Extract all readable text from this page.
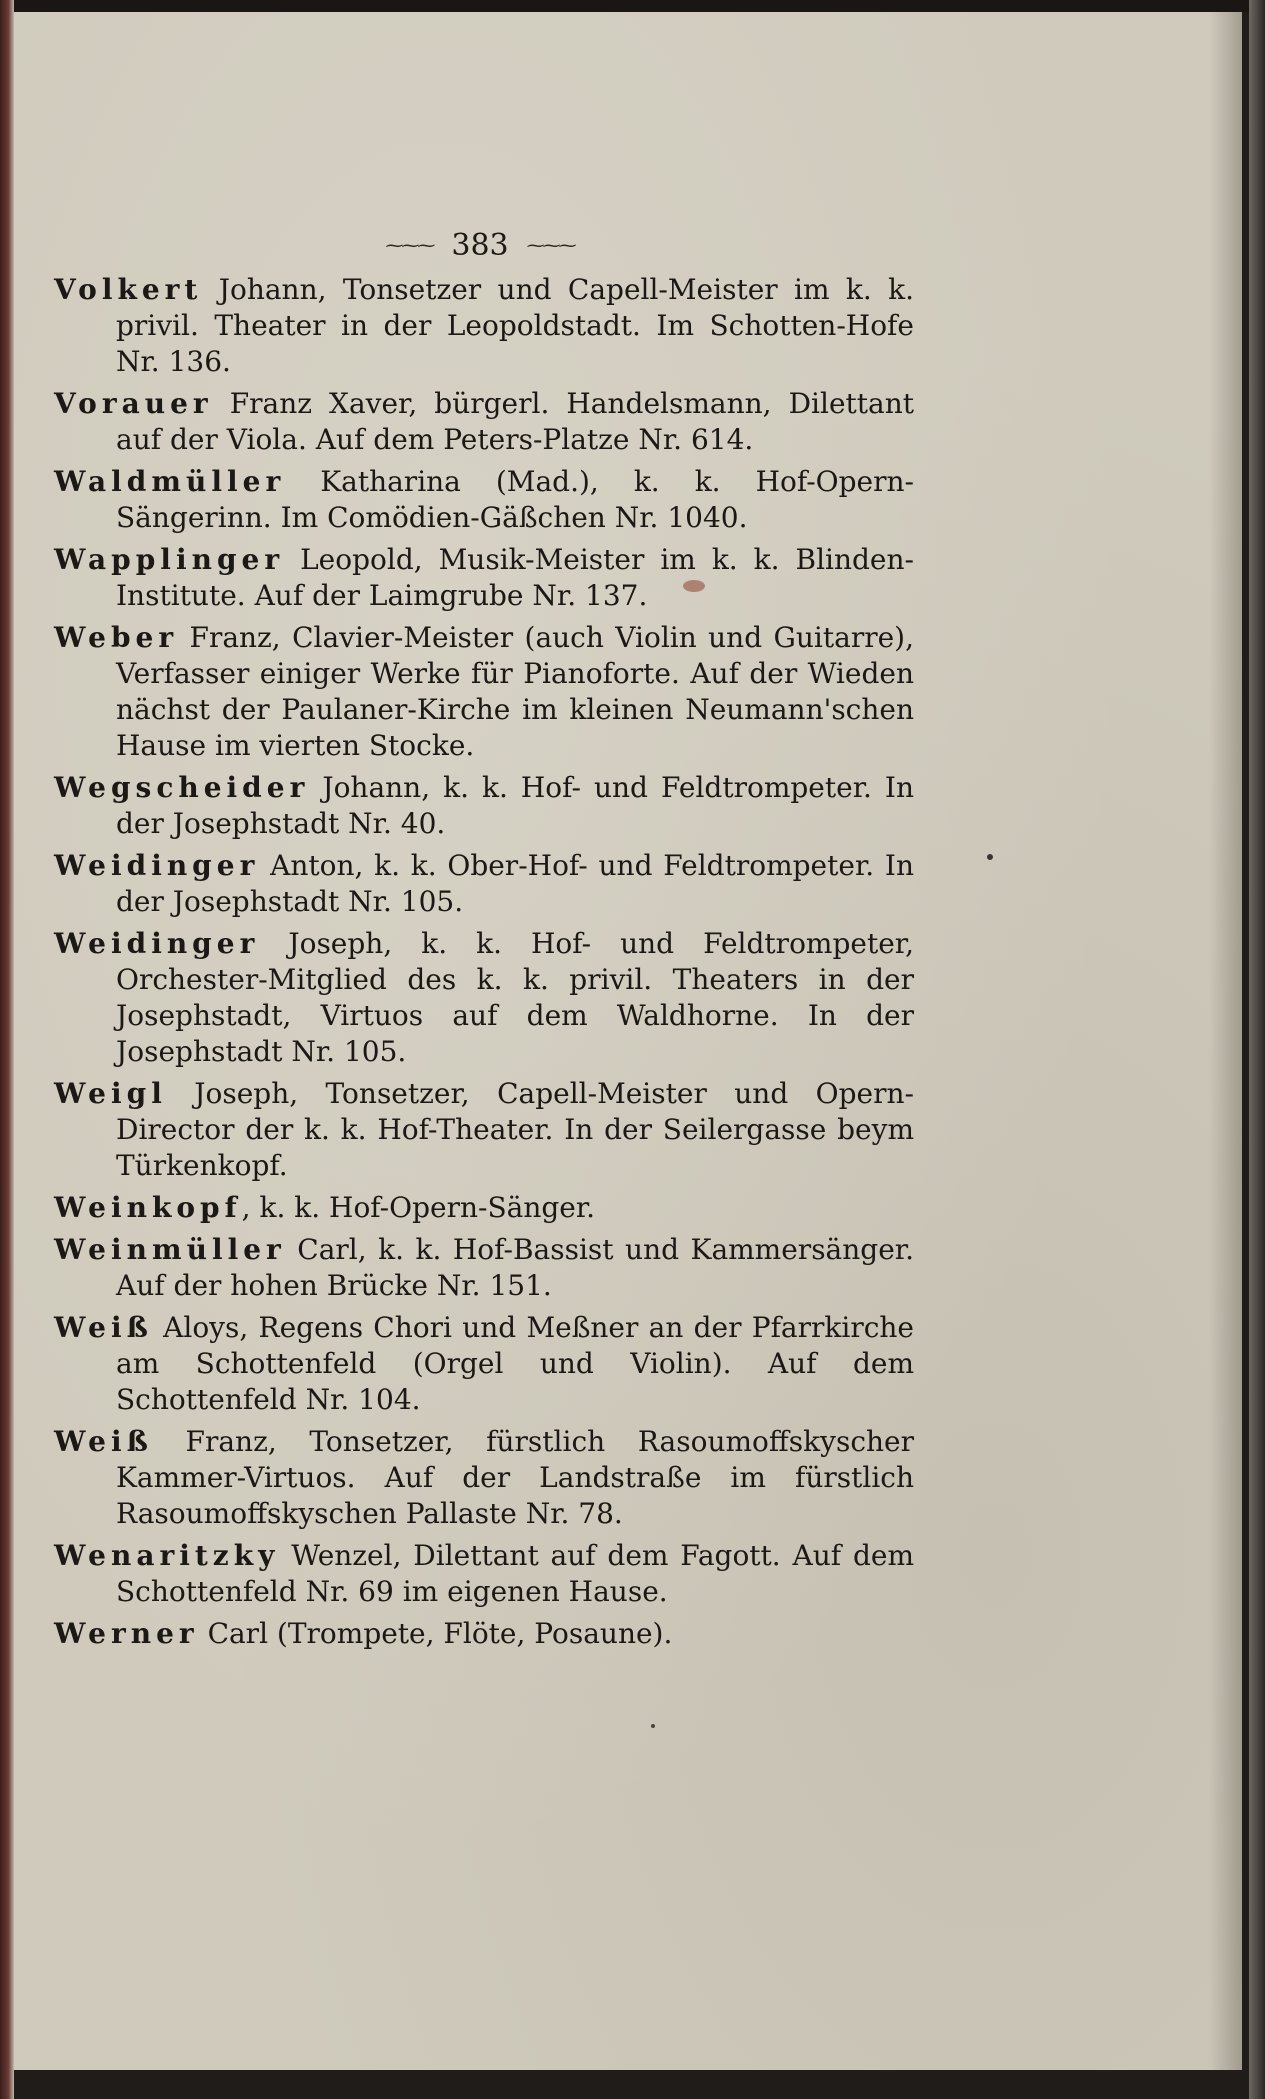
⁓⁓⁓ 383 ⁓⁓⁓

Volkert Johann, Tonsetzer und Capell-Meister im k. k. privil. Theater in der Leopoldstadt. Im Schotten-Hofe Nr. 136.

Vorauer Franz Xaver, bürgerl. Handelsmann, Dilettant auf der Viola. Auf dem Peters-Platze Nr. 614.

Waldmüller Katharina (Mad.), k. k. Hof-Opern-Sängerinn. Im Comödien-Gäßchen Nr. 1040.

Wapplinger Leopold, Musik-Meister im k. k. Blinden-Institute. Auf der Laimgrube Nr. 137.

Weber Franz, Clavier-Meister (auch Violin und Guitarre), Verfasser einiger Werke für Pianoforte. Auf der Wieden nächst der Paulaner-Kirche im kleinen Neumann'schen Hause im vierten Stocke.

Wegscheider Johann, k. k. Hof- und Feldtrompeter. In der Josephstadt Nr. 40.

Weidinger Anton, k. k. Ober-Hof- und Feldtrompeter. In der Josephstadt Nr. 105.

Weidinger Joseph, k. k. Hof- und Feldtrompeter, Orchester-Mitglied des k. k. privil. Theaters in der Josephstadt, Virtuos auf dem Waldhorne. In der Josephstadt Nr. 105.

Weigl Joseph, Tonsetzer, Capell-Meister und Opern-Director der k. k. Hof-Theater. In der Seilergasse beym Türkenkopf.

Weinkopf, k. k. Hof-Opern-Sänger.

Weinmüller Carl, k. k. Hof-Bassist und Kammersänger. Auf der hohen Brücke Nr. 151.

Weiß Aloys, Regens Chori und Meßner an der Pfarrkirche am Schottenfeld (Orgel und Violin). Auf dem Schottenfeld Nr. 104.

Weiß Franz, Tonsetzer, fürstlich Rasoumoffskyscher Kammer-Virtuos. Auf der Landstraße im fürstlich Rasoumoffskyschen Pallaste Nr. 78.

Wenaritzky Wenzel, Dilettant auf dem Fagott. Auf dem Schottenfeld Nr. 69 im eigenen Hause.

Werner Carl (Trompete, Flöte, Posaune).
